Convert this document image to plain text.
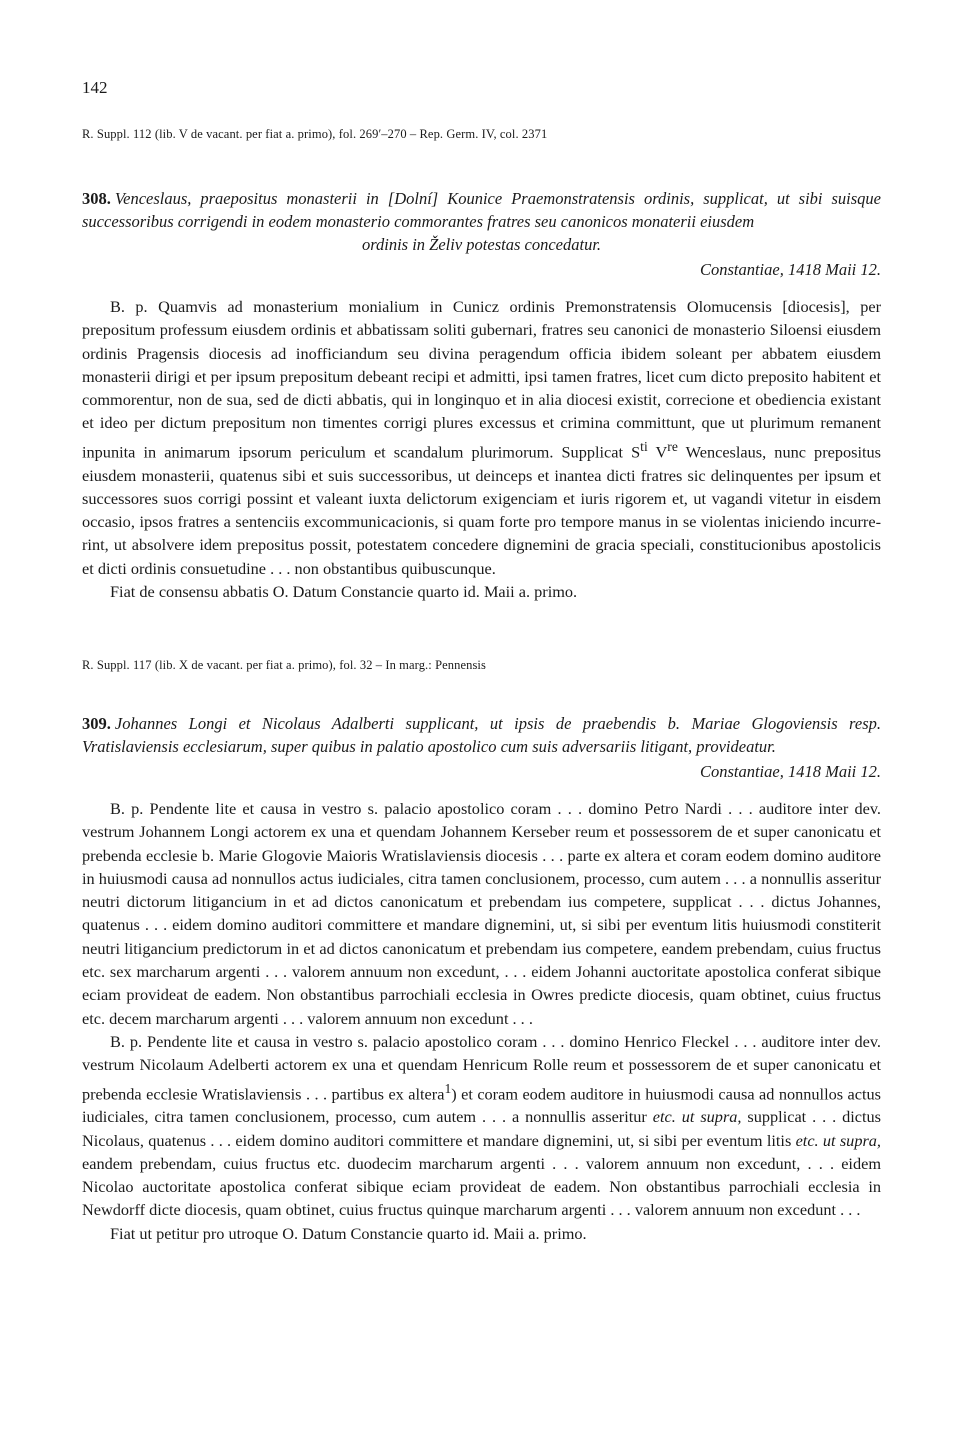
142

R. Suppl. 112 (lib. V de vacant. per fiat a. primo), fol. 269′–270 – Rep. Germ. IV, col. 2371

308. Venceslaus, praepositus monasterii in [Dolní] Kounice Praemonstratensis ordinis, supplicat, ut sibi suisque successoribus corrigendi in eodem monasterio commorantes fratres seu canonicos monaterii eiusdem
ordinis in Želiv potestas concedatur.

Constantiae, 1418 Maii 12.

B. p. Quamvis ad monasterium monialium in Cunicz ordinis Premonstratensis Olomucensis [diocesis], per prepositum professum eiusdem ordinis et abbatissam soliti gubernari, fratres seu canonici de monasterio Siloensi eiusdem ordinis Pragensis diocesis ad inofficiandum seu divina peragendum officia ibidem soleant per abbatem eiusdem monasterii dirigi et per ipsum prepositum debeant recipi et admitti, ipsi tamen fratres, licet cum dicto preposito habitent et commorentur, non de sua, sed de dicti abbatis, qui in longinquo et in alia diocesi existit, correcione et obediencia existant et ideo per dictum prepositum non timentes corrigi plures excessus et crimina committunt, que ut plurimum remanent inpunita in animarum ipsorum periculum et scandalum plurimorum. Supplicat $S^{ti}$ Vre Wenceslaus, nunc prepositus eiusdem monasterii, quatenus sibi et suis successoribus, ut deinceps et inantea dicti fratres sic delinquentes per ipsum et successores suos corrigi possint et valeant iuxta delictorum exigenciam et iuris rigorem et, ut vagandi vitetur in eisdem occasio, ipsos fratres a sentenciis excommunicacionis, si quam forte pro tempore manus in se violentas iniciendo incurrerint, ut absolvere idem prepositus possit, potestatem concedere dignemini de gracia speciali, constitucionibus apostolicis et dicti ordinis consuetudine . . . non obstantibus quibuscunque.

Fiat de consensu abbatis O. Datum Constancie quarto id. Maii a. primo.

R. Suppl. 117 (lib. X de vacant. per fiat a. primo), fol. 32 – In marg.: Pennensis

309. Johannes Longi et Nicolaus Adalberti supplicant, ut ipsis de praebendis b. Mariae Glogoviensis resp. Vratislaviensis ecclesiarum, super quibus in palatio apostolico cum suis adversariis litigant, provideatur.

Constantiae, 1418 Maii 12.

B. p. Pendente lite et causa in vestro s. palacio apostolico coram . . . domino Petro Nardi . . . auditore inter dev. vestrum Johannem Longi actorem ex una et quendam Johannem Kerseber reum et possessorem de et super canonicatu et prebenda ecclesie b. Marie Glogovie Maioris Wratislaviensis diocesis . . . parte ex altera et coram eodem domino auditore in huiusmodi causa ad nonnullos actus iudiciales, citra tamen conclusionem, processo, cum autem . . . a nonnullis asseritur neutri dictorum litigancium in et ad dictos canonicatum et prebendam ius competere, supplicat . . . dictus Johannes, quatenus . . . eidem domino auditori committere et mandare dignemini, ut, si sibi per eventum litis huiusmodi constiterit neutri litigancium predictorum in et ad dictos canonicatum et prebendam ius competere, eandem prebendam, cuius fructus etc. sex marcharum argenti . . . valorem annuum non excedunt, . . . eidem Johanni auctoritate apostolica conferat sibique eciam provideat de eadem. Non obstantibus parrochiali ecclesia in Owres predicte diocesis, quam obtinet, cuius fructus etc. decem marcharum argenti . . . valorem annuum non excedunt . . .

B. p. Pendente lite et causa in vestro s. palacio apostolico coram . . . domino Henrico Fleckel . . . auditore inter dev. vestrum Nicolaum Adelberti actorem ex una et quendam Henricum Rolle reum et possessorem de et super canonicatu et prebenda ecclesie Wratislaviensis . . . partibus ex altera$^1$) et coram eodem auditore in huiusmodi causa ad nonnullos actus iudiciales, citra tamen conclusionem, processo, cum autem . . . a nonnullis asseritur etc. ut supra, supplicat . . . dictus Nicolaus, quatenus . . . eidem domino auditori committere et mandare dignemini, ut, si sibi per eventum litis etc. ut supra, eandem prebendam, cuius fructus etc. duodecim marcharum argenti . . . valorem annuum non excedunt, . . . eidem Nicolao auctoritate apostolica conferat sibique eciam provideat de eadem. Non obstantibus parrochiali ecclesia in Newdorff dicte diocesis, quam obtinet, cuius fructus quinque marcharum argenti . . . valorem annuum non excedunt . . .

Fiat ut petitur pro utroque O. Datum Constancie quarto id. Maii a. primo.
